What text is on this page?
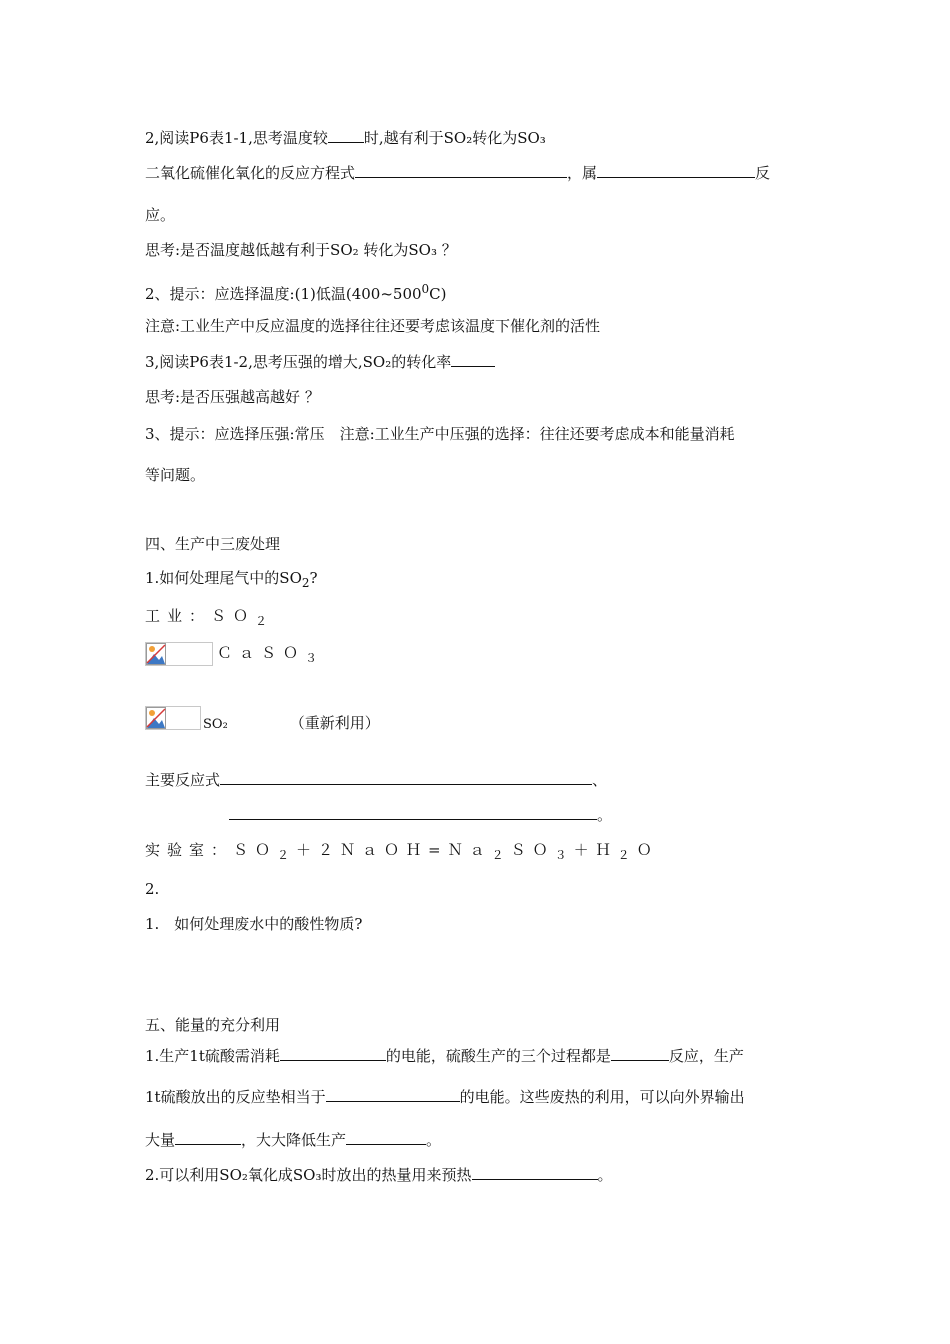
2,阅读P6表1-1,思考温度较 时,越有利于SO₂转化为SO₃
二氧化硫催化氧化的反应方程式	，属	反
应。
思考:是否温度越低越有利于SO₂ 转化为SO₃ ？
2、提示：应选择温度:(1)低温$(400\sim 500^0C)$
注意:工业生产中反应温度的选择往往还要考虑该温度下催化剂的活性
3,阅读P6表1-2,思考压强的增大,SO₂的转化率
思考:是否压强越高越好 ？
3、提示：应选择压强:常压　注意:工业生产中压强的选择：往往还要考虑成本和能量消耗
等问题。
四、生产中三废处理
1.如何处理尾气中的$SO_2$?
工业：ＳＯ$_2$
ＣａＳＯ$_3$
SO₂	（重新利用）
主要反应式	、
。
实验室：ＳＯ$_2$＋２ＮａＯＨ=Ｎａ$_2$ＳＯ$_3$＋Ｈ$_2$Ｏ
2.
1.　如何处理废水中的酸性物质?
五、能量的充分利用
1.生产1t硫酸需消耗	的电能，硫酸生产的三个过程都是	反应，生产
1t硫酸放出的反应垫相当于	的电能。这些废热的利用，可以向外界输出
大量	，大大降低生产	。
2.可以利用SO₂氧化成SO₃时放出的热量用来预热	。
